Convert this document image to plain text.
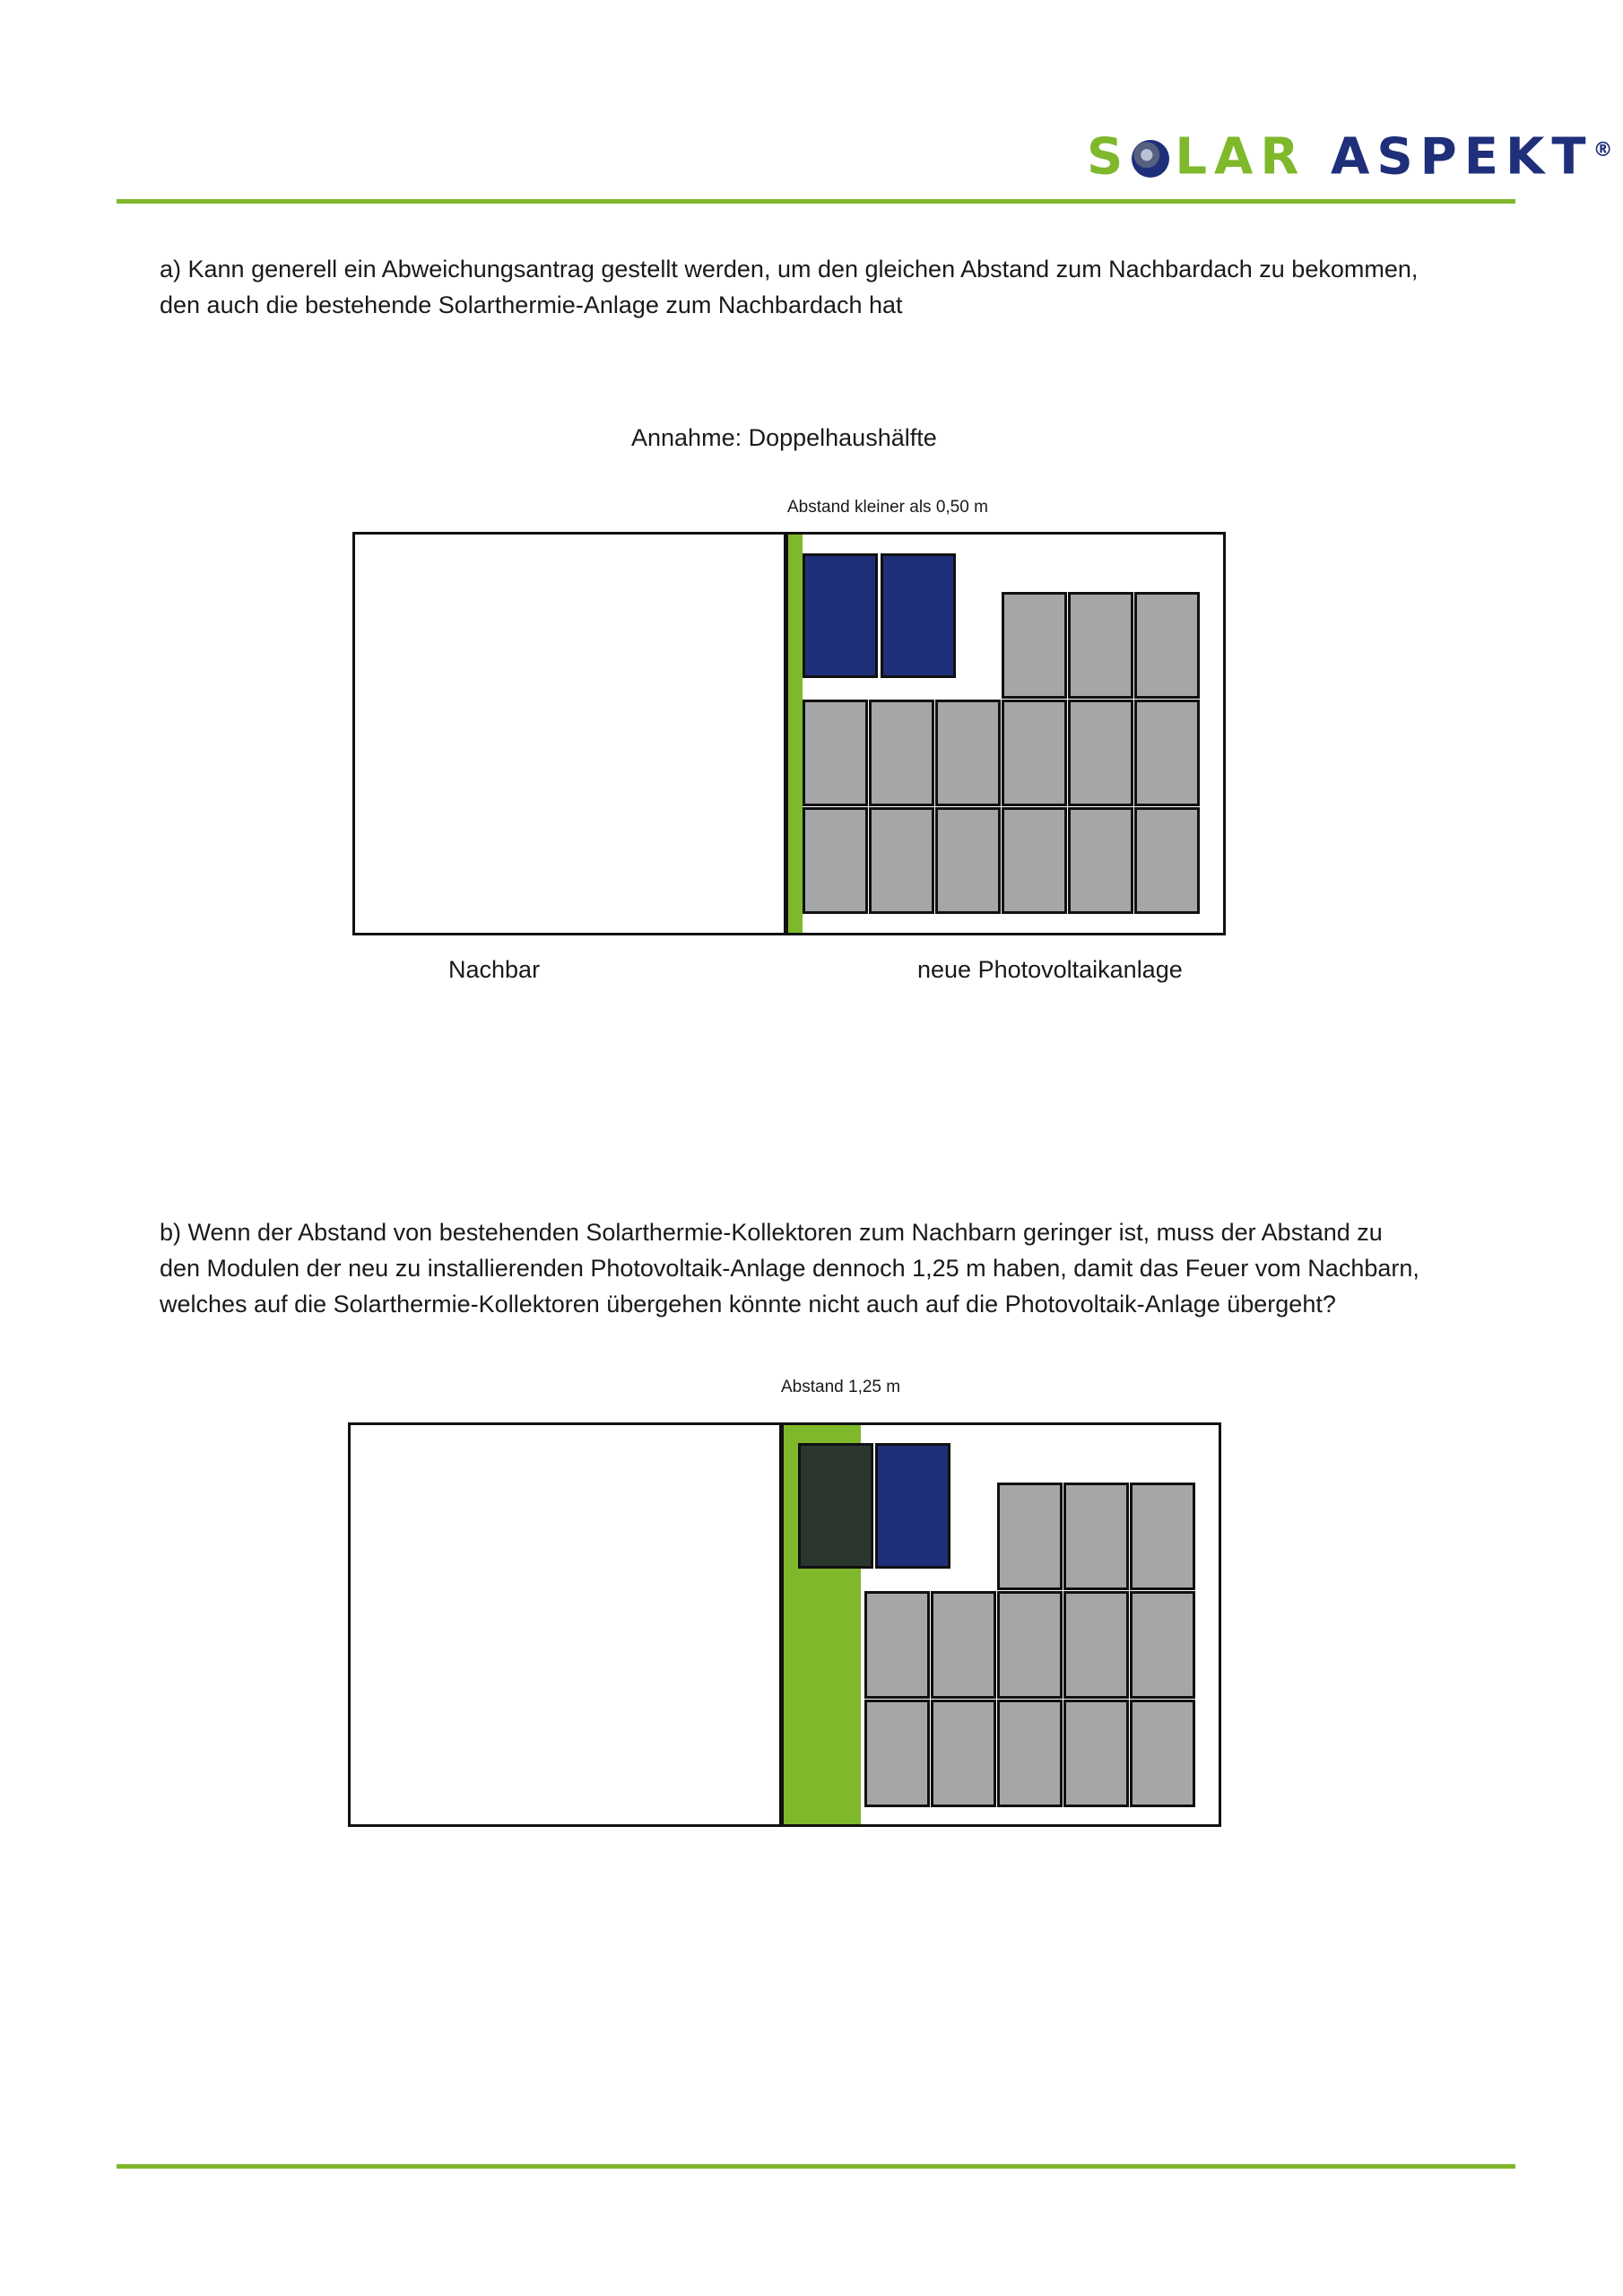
S LAR ASPEKT®
a) Kann generell ein Abweichungsantrag gestellt werden, um den gleichen Abstand zum Nachbardach zu bekommen,
den auch die bestehende Solarthermie-Anlage zum Nachbardach hat
Annahme: Doppelhaushälfte
Abstand kleiner als 0,50 m
Nachbar	neue Photovoltaikanlage
b) Wenn der Abstand von bestehenden Solarthermie-Kollektoren zum Nachbarn geringer ist, muss der Abstand zu
den Modulen der neu zu installierenden Photovoltaik-Anlage dennoch 1,25 m haben, damit das Feuer vom Nachbarn,
welches auf die Solarthermie-Kollektoren übergehen könnte nicht auch auf die Photovoltaik-Anlage übergeht?
Abstand 1,25 m
